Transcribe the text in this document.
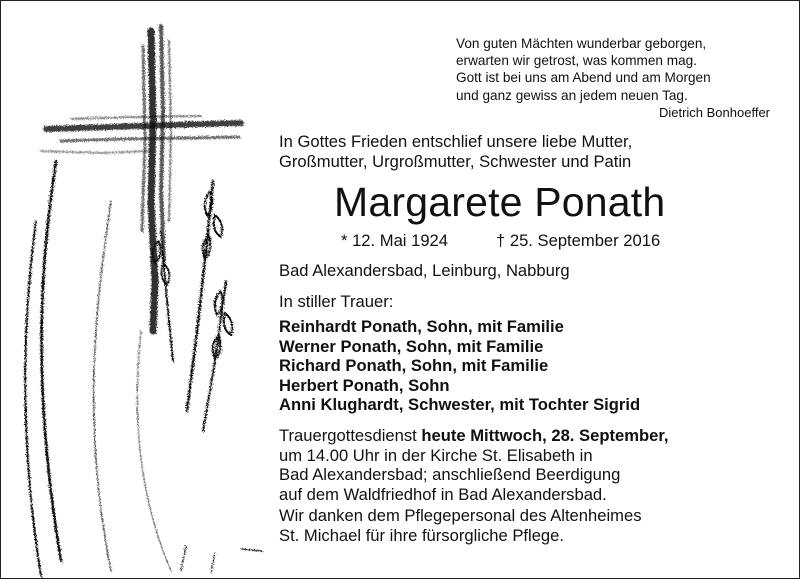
Von guten Mächten wunderbar geborgen,
erwarten wir getrost, was kommen mag.
Gott ist bei uns am Abend und am Morgen
und ganz gewiss an jedem neuen Tag.
Dietrich Bonhoeffer
In Gottes Frieden entschlief unsere liebe Mutter,
Großmutter, Urgroßmutter, Schwester und Patin
Margarete Ponath
* 12. Mai 1924	† 25. September 2016
Bad Alexandersbad, Leinburg, Nabburg
In stiller Trauer:
Reinhardt Ponath, Sohn, mit Familie
Werner Ponath, Sohn, mit Familie
Richard Ponath, Sohn, mit Familie
Herbert Ponath, Sohn
Anni Klughardt, Schwester, mit Tochter Sigrid
Trauergottesdienst heute Mittwoch, 28. September,
um 14.00 Uhr in der Kirche St. Elisabeth in
Bad Alexandersbad; anschließend Beerdigung
auf dem Waldfriedhof in Bad Alexandersbad.
Wir danken dem Pflegepersonal des Altenheimes
St. Michael für ihre fürsorgliche Pflege.
